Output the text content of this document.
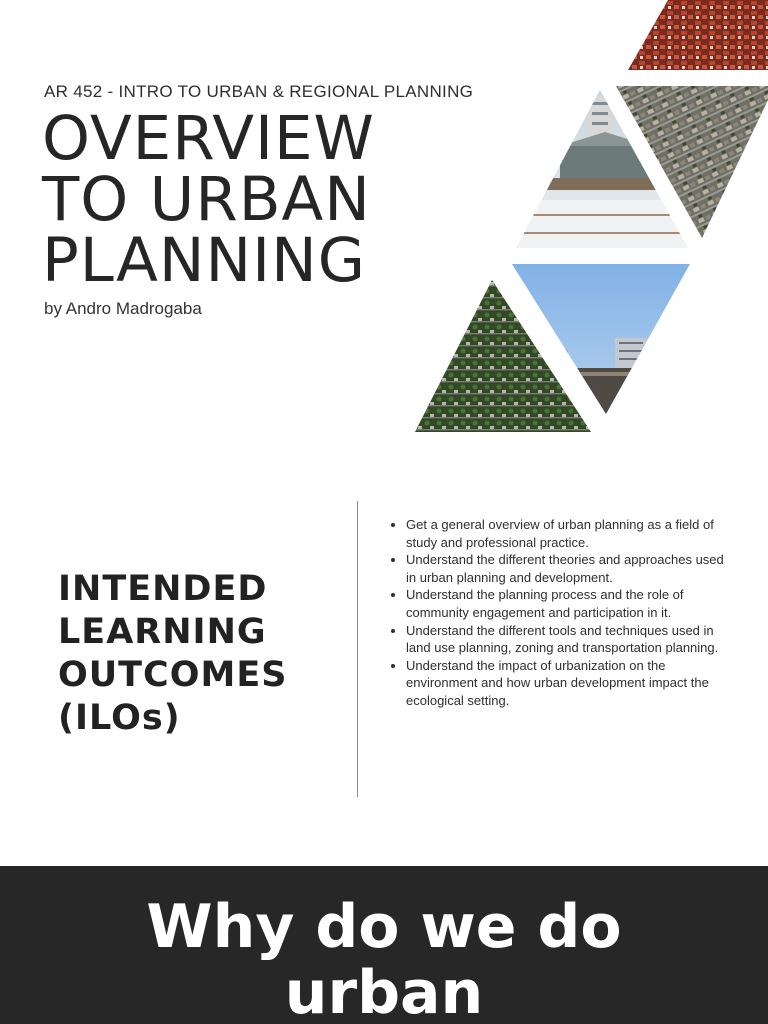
AR 452 - INTRO TO URBAN & REGIONAL PLANNING
OVERVIEW
TO URBAN
PLANNING
by Andro Madrogaba
INTENDED
LEARNING
OUTCOMES
(ILOs)
• Get a general overview of urban planning as a field of study and professional practice.
• Understand the different theories and approaches used in urban planning and development.
• Understand the planning process and the role of community engagement and participation in it.
• Understand the different tools and techniques used in land use planning, zoning and transportation planning.
• Understand the impact of urbanization on the environment and how urban development impact the ecological setting.
Why do we do
urban
